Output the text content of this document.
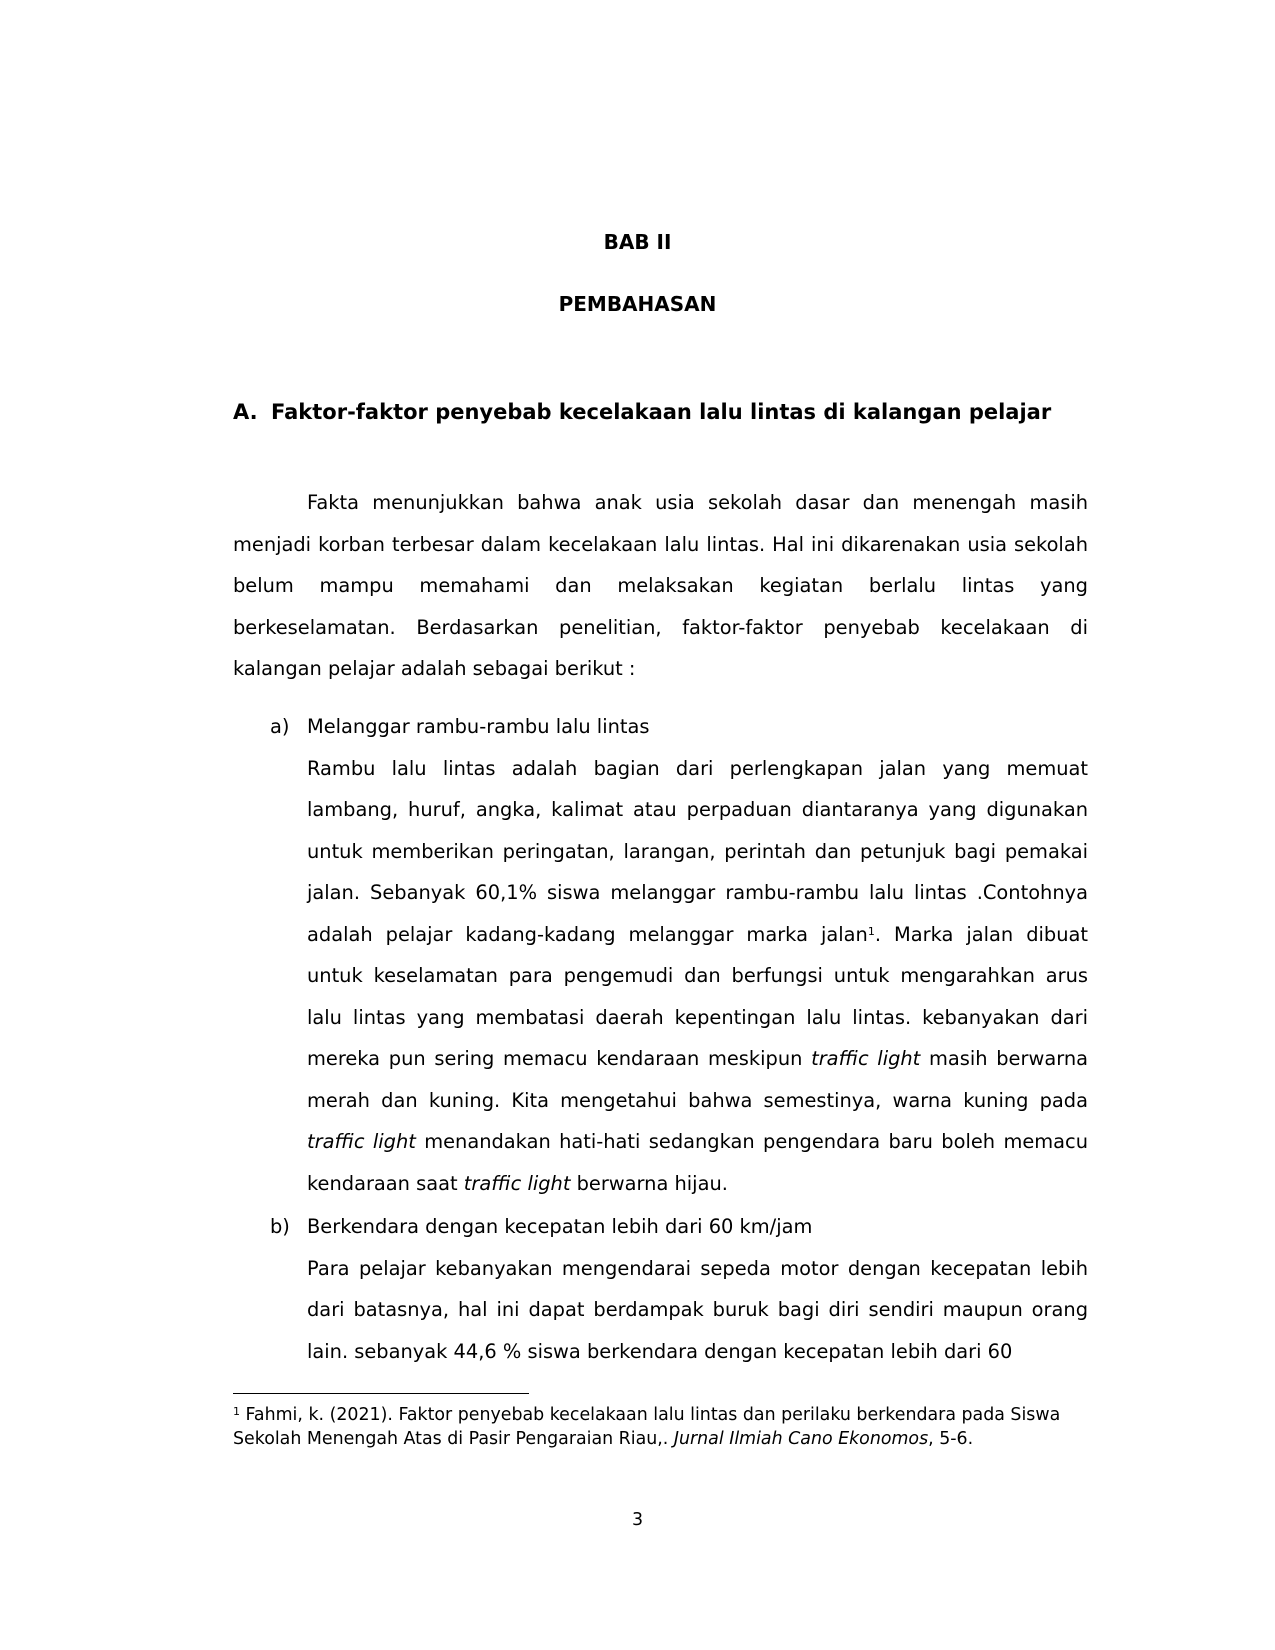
BAB II
PEMBAHASAN
A. Faktor-faktor penyebab kecelakaan lalu lintas di kalangan pelajar

Fakta menunjukkan bahwa anak usia sekolah dasar dan menengah masih menjadi korban terbesar dalam kecelakaan lalu lintas. Hal ini dikarenakan usia sekolah belum mampu memahami dan melaksakan kegiatan berlalu lintas yang berkeselamatan. Berdasarkan penelitian, faktor-faktor penyebab kecelakaan di kalangan pelajar adalah sebagai berikut :

a) Melanggar rambu-rambu lalu lintas

Rambu lalu lintas adalah bagian dari perlengkapan jalan yang memuat lambang, huruf, angka, kalimat atau perpaduan diantaranya yang digunakan untuk memberikan peringatan, larangan, perintah dan petunjuk bagi pemakai jalan. Sebanyak 60,1% siswa melanggar rambu-rambu lalu lintas .Contohnya adalah pelajar kadang-kadang melanggar marka jalan$^1$. Marka jalan dibuat untuk keselamatan para pengemudi dan berfungsi untuk mengarahkan arus lalu lintas yang membatasi daerah kepentingan lalu lintas. kebanyakan dari mereka pun sering memacu kendaraan meskipun traffic light masih berwarna merah dan kuning. Kita mengetahui bahwa semestinya, warna kuning pada traffic light menandakan hati-hati sedangkan pengendara baru boleh memacu kendaraan saat traffic light berwarna hijau.

b) Berkendara dengan kecepatan lebih dari 60 km/jam

Para pelajar kebanyakan mengendarai sepeda motor dengan kecepatan lebih dari batasnya, hal ini dapat berdampak buruk bagi diri sendiri maupun orang lain. sebanyak 44,6 % siswa berkendara dengan kecepatan lebih dari 60

$^1$ Fahmi, k. (2021). Faktor penyebab kecelakaan lalu lintas dan perilaku berkendara pada Siswa Sekolah Menengah Atas di Pasir Pengaraian Riau,. Jurnal Ilmiah Cano Ekonomos, 5-6.

3
